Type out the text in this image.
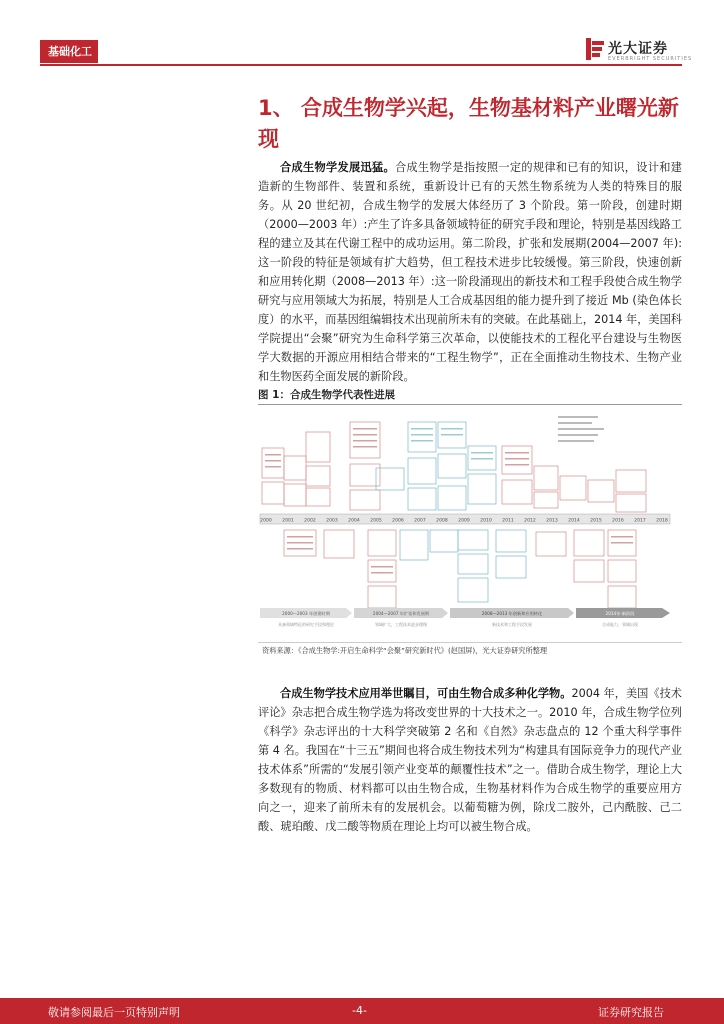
基础化工	光大证券
EVERBRIGHT SECURITIES
1、 合成生物学兴起，生物基材料产业曙光新现
合成生物学发展迅猛。合成生物学是指按照一定的规律和已有的知识，设计和建造新的生物部件、装置和系统，重新设计已有的天然生物系统为人类的特殊目的服务。从 20 世纪初，合成生物学的发展大体经历了 3 个阶段。第一阶段，创建时期（2000—2003 年）:产生了许多具备领域特征的研究手段和理论，特别是基因线路工程的建立及其在代谢工程中的成功运用。第二阶段，扩张和发展期(2004—2007 年):这一阶段的特征是领域有扩大趋势，但工程技术进步比较缓慢。第三阶段，快速创新和应用转化期（2008—2013 年）:这一阶段涌现出的新技术和工程手段使合成生物学研究与应用领域大为拓展，特别是人工合成基因组的能力提升到了接近 Mb (染色体长度）的水平，而基因组编辑技术出现前所未有的突破。在此基础上，2014 年，美国科学院提出“会聚”研究为生命科学第三次革命，以使能技术的工程化平台建设与生物医学大数据的开源应用相结合带来的“工程生物学”，正在全面推动生物技术、生物产业和生物医药全面发展的新阶段。
图 1：合成生物学代表性进展
2000 2001 2002 2003 2004 2005 2006 2007 2008 2009 2010 2011 2012 2013 2014 2015 2016 2017 2018
2000—2003 年创建时期	2004—2007 年扩张和发展期	2008—2013 年创新和应用转化	2014年-新阶段
具备领域特征的研究手段和理论	领域扩大，工程技术进步缓慢	新技术和工程手段发展	合成能力，领域出现
资料来源：《合成生物学:开启生命科学“会聚”研究新时代》(赵国屏)，光大证券研究所整理
合成生物学技术应用举世瞩目，可由生物合成多种化学物。2004 年，美国《技术评论》杂志把合成生物学选为将改变世界的十大技术之一。2010 年，合成生物学位列《科学》杂志评出的十大科学突破第 2 名和《自然》杂志盘点的 12 个重大科学事件第 4 名。我国在“十三五”期间也将合成生物技术列为“构建具有国际竞争力的现代产业技术体系”所需的“发展引领产业变革的颠覆性技术”之一。借助合成生物学，理论上大多数现有的物质、材料都可以由生物合成，生物基材料作为合成生物学的重要应用方向之一，迎来了前所未有的发展机会。以葡萄糖为例，除戊二胺外，己内酰胺、己二酸、琥珀酸、戊二酸等物质在理论上均可以被生物合成。
敬请参阅最后一页特别声明	-4-	证券研究报告
